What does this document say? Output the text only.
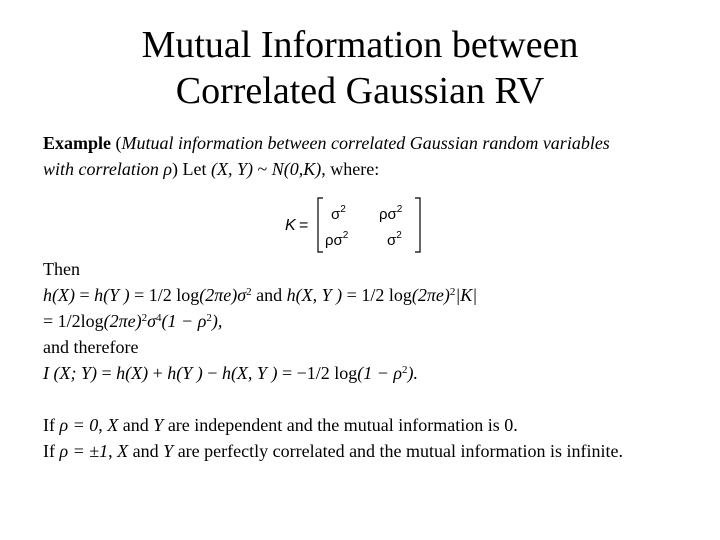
Mutual Information between
Correlated Gaussian RV
Example (Mutual information between correlated Gaussian random variables
with correlation ρ) Let (X, Y) ~ N(0,K), where:
K =
$\sigma^2$ $\rho\sigma^2$
$\rho\sigma^2$	$\sigma^2$
Then
h(X) = h(Y ) = 1/2 $\log(2\pi e)\sigma^2$ and h(X, Y ) = 1/2 $\log(2\pi e)^2|K|$
= $1/2\log(2\pi e)^2\sigma^4(1 - \rho^2)$,
and therefore
I (X; Y) = h(X) + h(Y ) − h(X, Y ) = −1/2 $\log(1 - \rho^2)$.
If ρ = 0, X and Y are independent and the mutual information is 0.
If ρ = ±1, X and Y are perfectly correlated and the mutual information is infinite.
